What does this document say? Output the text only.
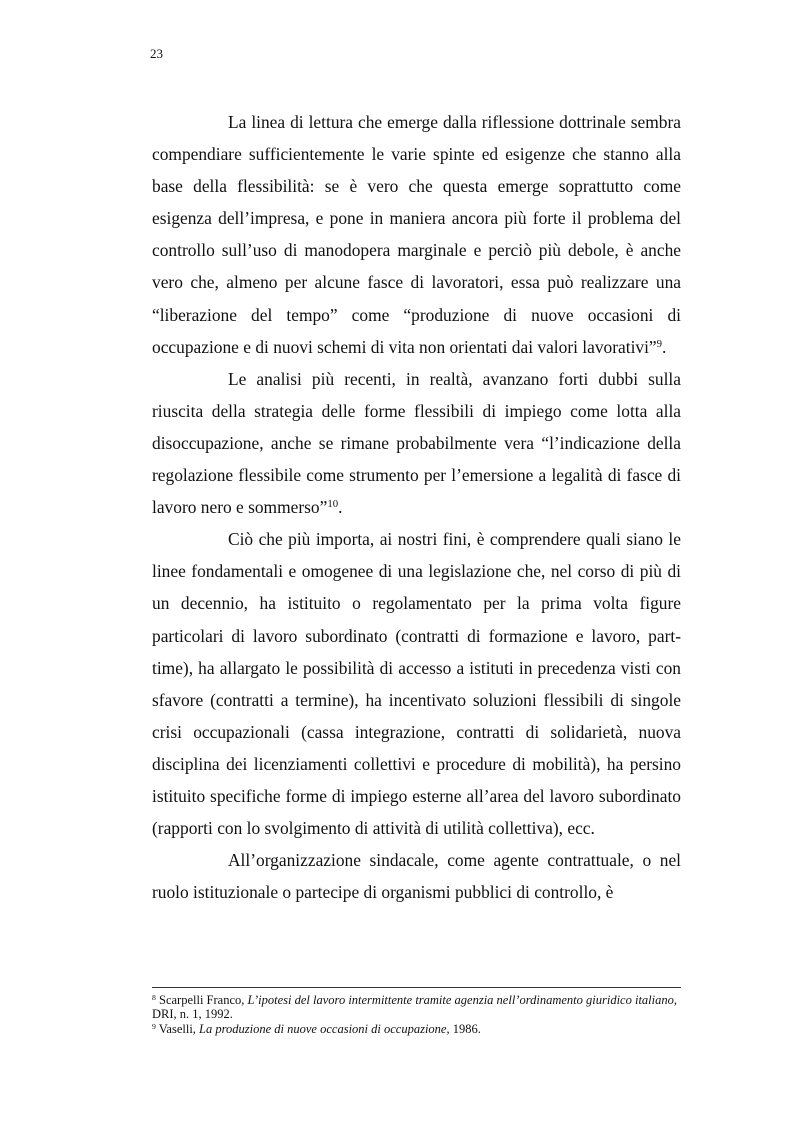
23

La linea di lettura che emerge dalla riflessione dottrinale sembra compendiare sufficientemente le varie spinte ed esigenze che stanno alla base della flessibilità: se è vero che questa emerge soprattutto come esigenza dell’impresa, e pone in maniera ancora più forte il problema del controllo sull’uso di manodopera marginale e perciò più debole, è anche vero che, almeno per alcune fasce di lavoratori, essa può realizzare una “liberazione del tempo” come “produzione di nuove occasioni di occupazione e di nuovi schemi di vita non orientati dai valori lavorativi”$^9$.

Le analisi più recenti, in realtà, avanzano forti dubbi sulla riuscita della strategia delle forme flessibili di impiego come lotta alla disoccupazione, anche se rimane probabilmente vera “l’indicazione della regolazione flessibile come strumento per l’emersione a legalità di fasce di lavoro nero e sommerso”$^{10}$.

Ciò che più importa, ai nostri fini, è comprendere quali siano le linee fondamentali e omogenee di una legislazione che, nel corso di più di un decennio, ha istituito o regolamentato per la prima volta figure particolari di lavoro subordinato (contratti di formazione e lavoro, part-time), ha allargato le possibilità di accesso a istituti in precedenza visti con sfavore (contratti a termine), ha incentivato soluzioni flessibili di singole crisi occupazionali (cassa integrazione, contratti di solidarietà, nuova disciplina dei licenziamenti collettivi e procedure di mobilità), ha persino istituito specifiche forme di impiego esterne all’area del lavoro subordinato (rapporti con lo svolgimento di attività di utilità collettiva), ecc.

All’organizzazione sindacale, come agente contrattuale, o nel ruolo istituzionale o partecipe di organismi pubblici di controllo, è

$^8$ Scarpelli Franco, L’ipotesi del lavoro intermittente tramite agenzia nell’ordinamento giuridico italiano, DRI, n. 1, 1992.

$^9$ Vaselli, La produzione di nuove occasioni di occupazione, 1986.
